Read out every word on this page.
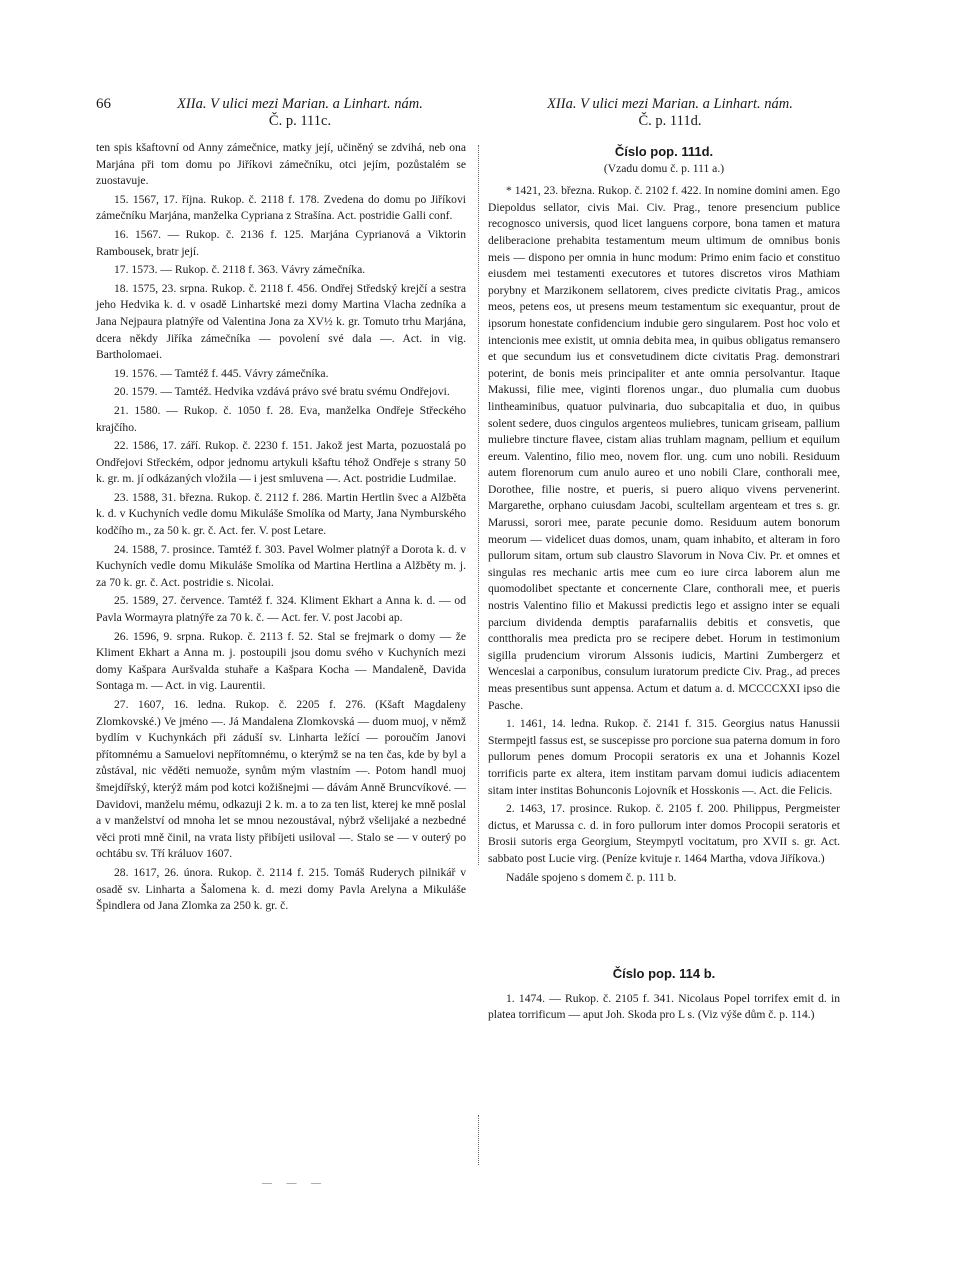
66	XIIa. V ulici mezi Marian. a Linhart. nám.
Č. p. 111c.
XIIa. V ulici mezi Marian. a Linhart. nám.
Č. p. 111d.

ten spis kšaftovní od Anny zámečnice, matky její, učiněný se zdvihá, neb ona Marjána při tom domu po Jiříkovi zámečníku, otci jejím, pozůstalém se zuostavuje.

15. 1567, 17. října. Rukop. č. 2118 f. 178. Zvedena do domu po Jiříkovi zámečníku Marjána, manželka Cypriana z Strašína. Act. postridie Galli conf.

16. 1567. — Rukop. č. 2136 f. 125. Marjána Cyprianová a Viktorin Rambousek, bratr její.

17. 1573. — Rukop. č. 2118 f. 363. Vávry zámečníka.

18. 1575, 23. srpna. Rukop. č. 2118 f. 456. Ondřej Středský krejčí a sestra jeho Hedvika k. d. v osadě Linhartské mezi domy Martina Vlacha zedníka a Jana Nejpaura platnýře od Valentina Jona za XV½ k. gr. Tomuto trhu Marjána, dcera někdy Jiříka zámečníka — povolení své dala —. Act. in vig. Bartholomaei.

19. 1576. — Tamtéž f. 445. Vávry zámečníka.

20. 1579. — Tamtéž. Hedvika vzdává právo své bratu svému Ondřejovi.

21. 1580. — Rukop. č. 1050 f. 28. Eva, manželka Ondřeje Střeckého krajčího.

22. 1586, 17. září. Rukop. č. 2230 f. 151. Jakož jest Marta, pozuostalá po Ondřejovi Střeckém, odpor jednomu artykuli kšaftu téhož Ondřeje s strany 50 k. gr. m. jí odkázaných vložila — i jest smluvena —. Act. postridie Ludmilae.

23. 1588, 31. března. Rukop. č. 2112 f. 286. Martin Hertlin švec a Alžběta k. d. v Kuchyních vedle domu Mikuláše Smolíka od Marty, Jana Nymburského kodčího m., za 50 k. gr. č. Act. fer. V. post Letare.

24. 1588, 7. prosince. Tamtéž f. 303. Pavel Wolmer platnýř a Dorota k. d. v Kuchyních vedle domu Mikuláše Smolíka od Martina Hertlina a Alžběty m. j. za 70 k. gr. č. Act. postridie s. Nicolai.

25. 1589, 27. července. Tamtéž f. 324. Kliment Ekhart a Anna k. d. — od Pavla Wormayra platnýře za 70 k. č. — Act. fer. V. post Jacobi ap.

26. 1596, 9. srpna. Rukop. č. 2113 f. 52. Stal se frejmark o domy — že Kliment Ekhart a Anna m. j. postoupili jsou domu svého v Kuchyních mezi domy Kašpara Auršvalda stuhaře a Kašpara Kocha — Mandaleně, Davida Sontaga m. — Act. in vig. Laurentii.

27. 1607, 16. ledna. Rukop. č. 2205 f. 276. (Kšaft Magdaleny Zlomkovské.) Ve jméno —. Já Mandalena Zlomkovská — duom muoj, v němž bydlím v Kuchynkách při záduší sv. Linharta ležící — poroučím Janovi přítomnému a Samuelovi nepřítomnému, o kterýmž se na ten čas, kde by byl a zůstával, nic věděti nemuože, synům mým vlastním —. Potom handl muoj šmejdířský, kterýž mám pod kotci kožišnejmi — dávám Anně Bruncvíkové. — Davidovi, manželu mému, odkazuji 2 k. m. a to za ten list, kterej ke mně poslal a v manželství od mnoha let se mnou nezoustával, nýbrž všelijaké a nezbedné věci proti mně činil, na vrata listy přibíjeti usiloval —. Stalo se — v outerý po ochtábu sv. Tří králuov 1607.

28. 1617, 26. února. Rukop. č. 2114 f. 215. Tomáš Ruderych pilnikář v osadě sv. Linharta a Šalomena k. d. mezi domy Pavla Arelyna a Mikuláše Špindlera od Jana Zlomka za 250 k. gr. č.

Číslo pop. 111d.
(Vzadu domu č. p. 111 a.)

* 1421, 23. března. Rukop. č. 2102 f. 422. In nomine domini amen. Ego Diepoldus sellator, civis Mai. Civ. Prag., tenore presencium publice recognosco universis, quod licet languens corpore, bona tamen et matura deliberacione prehabita testamentum meum ultimum de omnibus bonis meis — dispono per omnia in hunc modum: Primo enim facio et constituo eiusdem mei testamenti executores et tutores discretos viros Mathiam porybny et Marzikonem sellatorem, cives predicte civitatis Prag., amicos meos, petens eos, ut presens meum testamentum sic exequantur, prout de ipsorum honestate confidencium indubie gero singularem. Post hoc volo et intencionis mee existit, ut omnia debita mea, in quibus obligatus remansero et que secundum ius et consvetudinem dicte civitatis Prag. demonstrari poterint, de bonis meis principaliter et ante omnia persolvantur. Itaque Makussi, filie mee, viginti florenos ungar., duo plumalia cum duobus lintheaminibus, quatuor pulvinaria, duo subcapitalia et duo, in quibus solent sedere, duos cingulos argenteos muliebres, tunicam griseam, pallium muliebre tincture flavee, cistam alias truhlam magnam, pellium et equilum ereum. Valentino, filio meo, novem flor. ung. cum uno nobili. Residuum autem florenorum cum anulo aureo et uno nobili Clare, conthorali mee, Dorothee, filie nostre, et pueris, si puero aliquo vivens pervenerint. Margarethe, orphano cuiusdam Jacobi, scultellam argenteam et tres s. gr. Marussi, sorori mee, parate pecunie domo. Residuum autem bonorum meorum — videlicet duas domos, unam, quam inhabito, et alteram in foro pullorum sitam, ortum sub claustro Slavorum in Nova Civ. Pr. et omnes et singulas res mechanic artis mee cum eo iure circa laborem alun me quomodolibet spectante et concernente Clare, conthorali mee, et pueris nostris Valentino filio et Makussi predictis lego et assigno inter se equali parcium dividenda demptis parafarnaliis debitis et consvetis, que contthoralis mea predicta pro se recipere debet. Horum in testimonium sigilla prudencium virorum Alssonis iudicis, Martini Zumbergerz et Wenceslai a carponibus, consulum iuratorum predicte Civ. Prag., ad preces meas presentibus sunt appensa. Actum et datum a. d. MCCCCXXI ipso die Pasche.

1. 1461, 14. ledna. Rukop. č. 2141 f. 315. Georgius natus Hanussii Stermpejtl fassus est, se suscepisse pro porcione sua paterna domum in foro pullorum penes domum Procopii seratoris ex una et Johannis Kozel torrificis parte ex altera, item institam parvam domui iudicis adiacentem sitam inter institas Bohunconis Lojovník et Hosskonis —. Act. die Felicis.

2. 1463, 17. prosince. Rukop. č. 2105 f. 200. Philippus, Pergmeister dictus, et Marussa c. d. in foro pullorum inter domos Procopii seratoris et Brosii sutoris erga Georgium, Steympytl vocitatum, pro XVII s. gr. Act. sabbato post Lucie virg. (Peníze kvituje r. 1464 Martha, vdova Jiříkova.)

Nadále spojeno s domem č. p. 111 b.

Číslo pop. 114 b.

1. 1474. — Rukop. č. 2105 f. 341. Nicolaus Popel torrifex emit d. in platea torrificum — aput Joh. Skoda pro L s. (Viz výše dům č. p. 114.)

— — —
